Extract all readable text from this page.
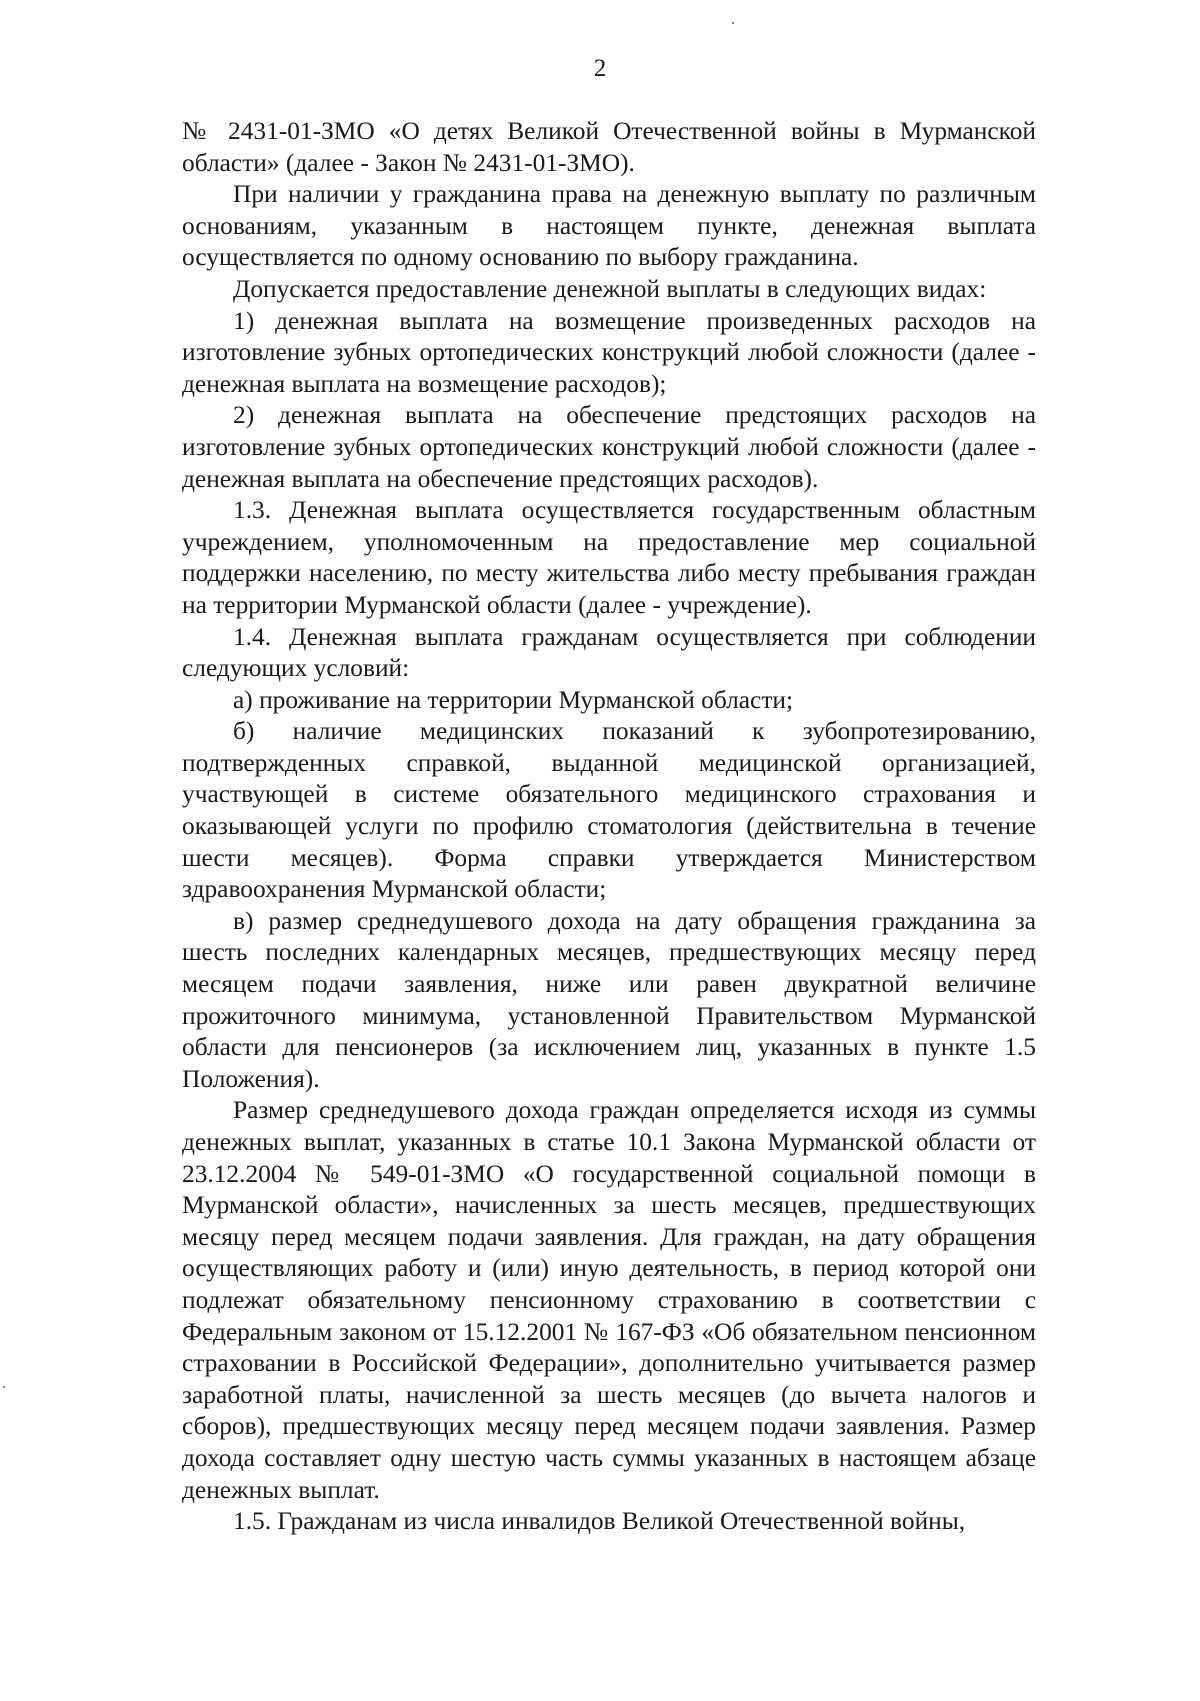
2

№ 2431-01-ЗМО «О детях Великой Отечественной войны в Мурманской области» (далее - Закон № 2431-01-ЗМО).

При наличии у гражданина права на денежную выплату по различным основаниям, указанным в настоящем пункте, денежная выплата осуществляется по одному основанию по выбору гражданина.

Допускается предоставление денежной выплаты в следующих видах:

1) денежная выплата на возмещение произведенных расходов на изготовление зубных ортопедических конструкций любой сложности (далее - денежная выплата на возмещение расходов);

2) денежная выплата на обеспечение предстоящих расходов на изготовление зубных ортопедических конструкций любой сложности (далее - денежная выплата на обеспечение предстоящих расходов).

1.3. Денежная выплата осуществляется государственным областным учреждением, уполномоченным на предоставление мер социальной поддержки населению, по месту жительства либо месту пребывания граждан на территории Мурманской области (далее - учреждение).

1.4. Денежная выплата гражданам осуществляется при соблюдении следующих условий:

а) проживание на территории Мурманской области;

б) наличие медицинских показаний к зубопротезированию, подтвержденных справкой, выданной медицинской организацией, участвующей в системе обязательного медицинского страхования и оказывающей услуги по профилю стоматология (действительна в течение шести месяцев). Форма справки утверждается Министерством здравоохранения Мурманской области;

в) размер среднедушевого дохода на дату обращения гражданина за шесть последних календарных месяцев, предшествующих месяцу перед месяцем подачи заявления, ниже или равен двукратной величине прожиточного минимума, установленной Правительством Мурманской области для пенсионеров (за исключением лиц, указанных в пункте 1.5 Положения).

Размер среднедушевого дохода граждан определяется исходя из суммы денежных выплат, указанных в статье 10.1 Закона Мурманской области от 23.12.2004 № 549-01-ЗМО «О государственной социальной помощи в Мурманской области», начисленных за шесть месяцев, предшествующих месяцу перед месяцем подачи заявления. Для граждан, на дату обращения осуществляющих работу и (или) иную деятельность, в период которой они подлежат обязательному пенсионному страхованию в соответствии с Федеральным законом от 15.12.2001 № 167-ФЗ «Об обязательном пенсионном страховании в Российской Федерации», дополнительно учитывается размер заработной платы, начисленной за шесть месяцев (до вычета налогов и сборов), предшествующих месяцу перед месяцем подачи заявления. Размер дохода составляет одну шестую часть суммы указанных в настоящем абзаце денежных выплат.

1.5. Гражданам из числа инвалидов Великой Отечественной войны,
